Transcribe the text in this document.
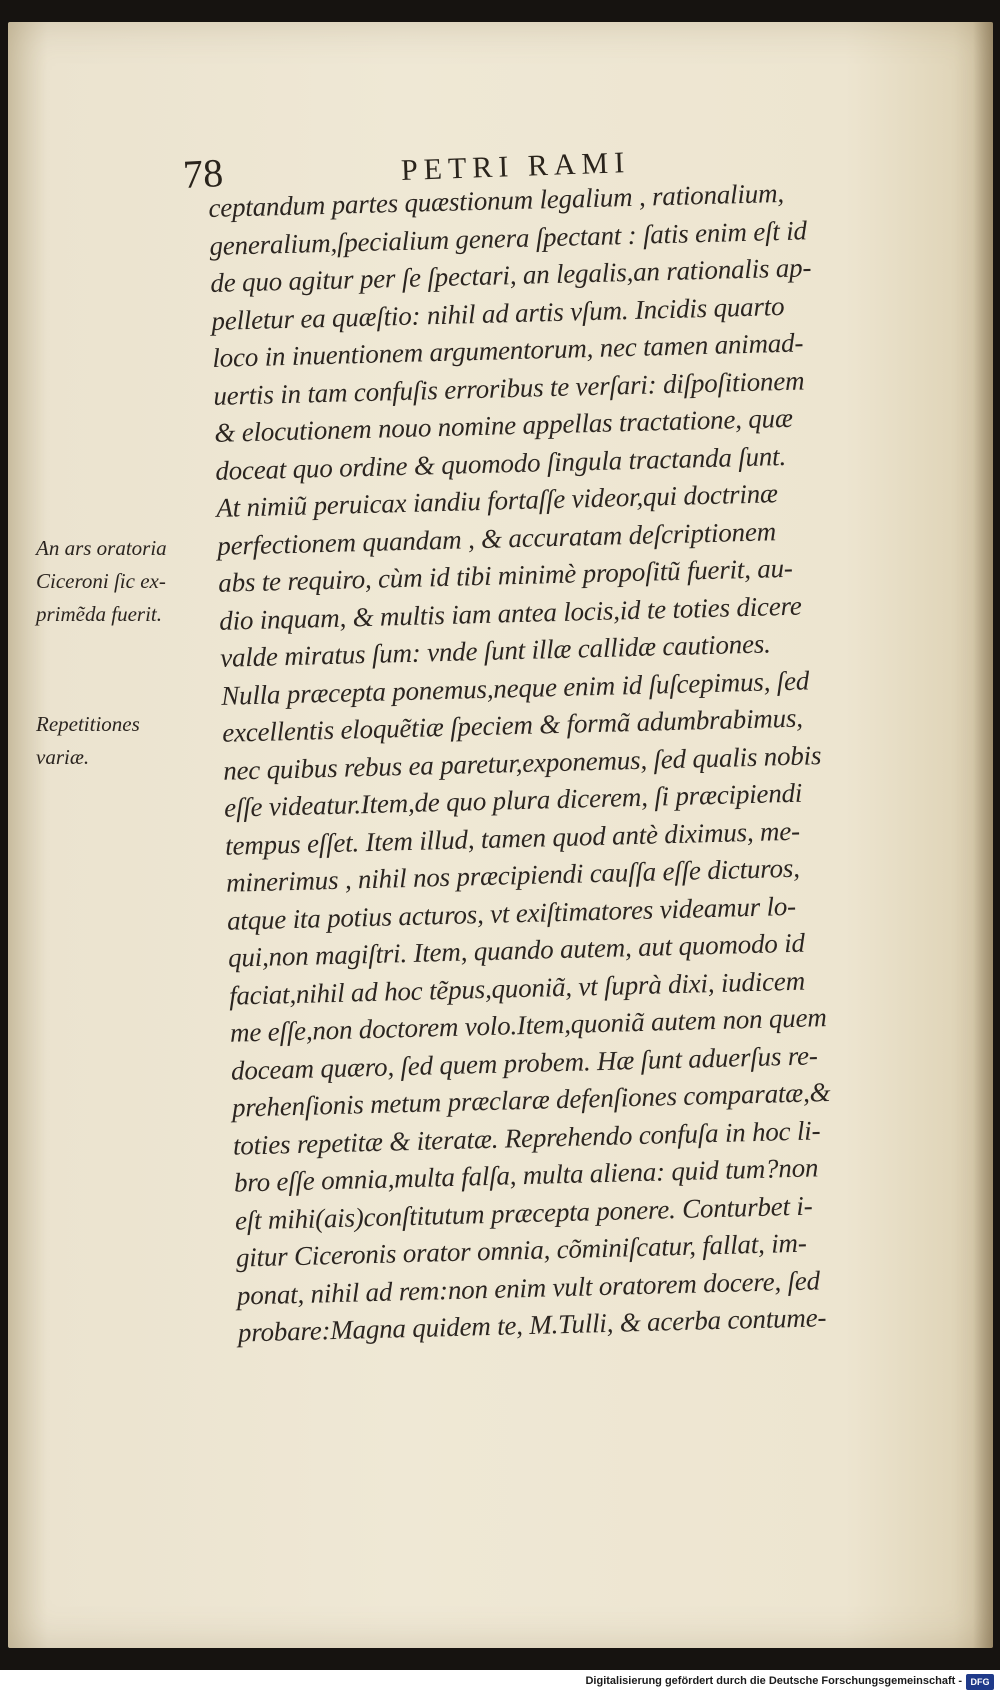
78	PETRI RAMI
An ars oratoria
Ciceroni ſic ex-
primẽda fuerit.
Repetitiones
variæ.
ceptandum partes quæstionum legalium , rationalium,
generalium,ſpecialium genera ſpectant : ſatis enim eſt id
de quo agitur per ſe ſpectari, an legalis,an rationalis ap-
pelletur ea quæſtio: nihil ad artis vſum. Incidis quarto
loco in inuentionem argumentorum, nec tamen animad-
uertis in tam confuſis erroribus te verſari: diſpoſitionem
& elocutionem nouo nomine appellas tractatione, quæ
doceat quo ordine & quomodo ſingula tractanda ſunt.
At nimiũ peruicax iandiu fortaſſe videor,qui doctrinæ
perfectionem quandam , & accuratam deſcriptionem
abs te requiro, cùm id tibi minimè propoſitũ fuerit, au-
dio inquam, & multis iam antea locis,id te toties dicere
valde miratus ſum: vnde ſunt illæ callidæ cautiones.
Nulla præcepta ponemus,neque enim id ſuſcepimus, ſed
excellentis eloquẽtiæ ſpeciem & formã adumbrabimus,
nec quibus rebus ea paretur,exponemus, ſed qualis nobis
eſſe videatur.Item,de quo plura dicerem, ſi præcipiendi
tempus eſſet. Item illud, tamen quod antè diximus, me-
minerimus , nihil nos præcipiendi cauſſa eſſe dicturos,
atque ita potius acturos, vt exiſtimatores videamur lo-
qui,non magiſtri. Item, quando autem, aut quomodo id
faciat,nihil ad hoc tẽpus,quoniã, vt ſuprà dixi, iudicem
me eſſe,non doctorem volo.Item,quoniã autem non quem
doceam quæro, ſed quem probem. Hæ ſunt aduerſus re-
prehenſionis metum præclaræ defenſiones comparatæ,&
toties repetitæ & iteratæ. Reprehendo confuſa in hoc li-
bro eſſe omnia,multa falſa, multa aliena: quid tum?non
eſt mihi(ais)conſtitutum præcepta ponere. Conturbet i-
gitur Ciceronis orator omnia, cõminiſcatur, fallat, im-
ponat, nihil ad rem:non enim vult oratorem docere, ſed
probare:Magna quidem te, M.Tulli, & acerba contume-
Digitalisierung gefördert durch die Deutsche Forschungsgemeinschaft - DFG
